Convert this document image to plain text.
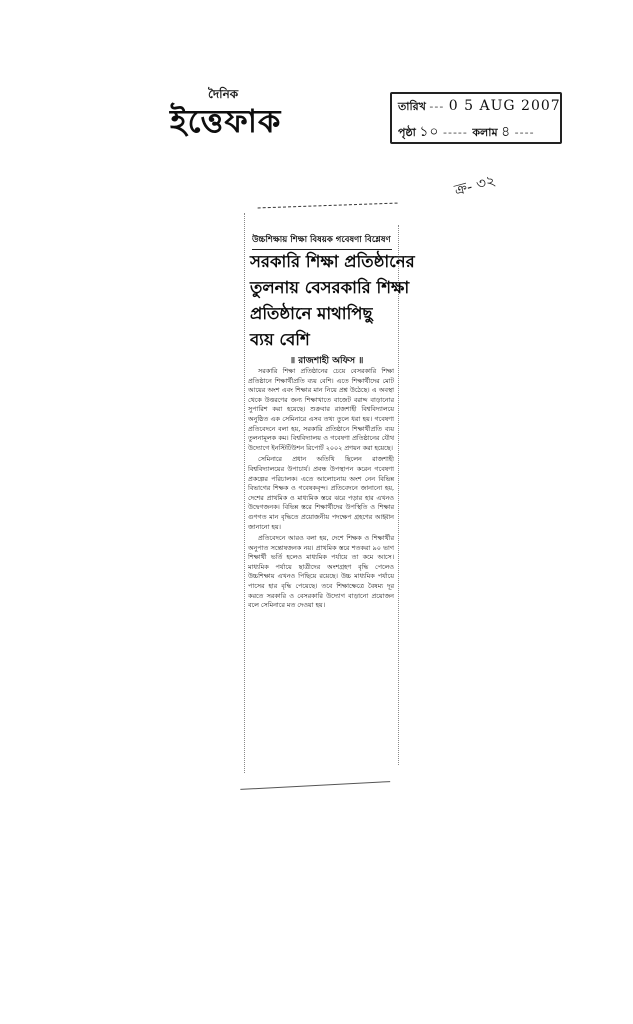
দৈনিক
ইত্তেফাক	তারিখ --- 0 5 AUG 2007
পৃষ্ঠা ১০ ----- কলাম ৪ ----
ক্র- ৩২
উচ্চশিক্ষায় শিক্ষা বিষয়ক গবেষণা বিশ্লেষণ
সরকারি শিক্ষা প্রতিষ্ঠানের
তুলনায় বেসরকারি শিক্ষা
প্রতিষ্ঠানে মাথাপিছু
ব্যয় বেশি
॥ রাজশাহী অফিস ॥

সরকারি শিক্ষা প্রতিষ্ঠানের চেয়ে বেসরকারি শিক্ষা প্রতিষ্ঠানে শিক্ষার্থীপ্রতি ব্যয় বেশি। এতে শিক্ষার্থীদের মোট আয়ের অংশ এবং শিক্ষার মান নিয়ে প্রশ্ন উঠেছে। এ অবস্থা থেকে উত্তরণের জন্য শিক্ষাখাতে বাজেট বরাদ্দ বাড়ানোর সুপারিশ করা হয়েছে। শুক্রবার রাজশাহী বিশ্ববিদ্যালয়ে অনুষ্ঠিত এক সেমিনারে এসব তথ্য তুলে ধরা হয়। গবেষণা প্রতিবেদনে বলা হয়, সরকারি প্রতিষ্ঠানে শিক্ষার্থীপ্রতি ব্যয় তুলনামূলক কম। বিশ্ববিদ্যালয় ও গবেষণা প্রতিষ্ঠানের যৌথ উদ্যোগে ইনস্টিটিউশন রিপোর্ট ২০০২ প্রণয়ন করা হয়েছে।

সেমিনারে প্রধান অতিথি ছিলেন রাজশাহী বিশ্ববিদ্যালয়ের উপাচার্য। প্রবন্ধ উপস্থাপন করেন গবেষণা প্রকল্পের পরিচালক। এতে আলোচনায় অংশ নেন বিভিন্ন বিভাগের শিক্ষক ও গবেষকবৃন্দ। প্রতিবেদনে জানানো হয়, দেশের প্রাথমিক ও মাধ্যমিক স্তরে ঝরে পড়ার হার এখনও উদ্বেগজনক। বিভিন্ন স্তরে শিক্ষার্থীদের উপস্থিতি ও শিক্ষার গুণগত মান বৃদ্ধিতে প্রয়োজনীয় পদক্ষেপ গ্রহণের আহ্বান জানানো হয়।

প্রতিবেদনে আরও বলা হয়, দেশে শিক্ষক ও শিক্ষার্থীর অনুপাত সন্তোষজনক নয়। প্রাথমিক স্তরে শতকরা ৯০ ভাগ শিক্ষার্থী ভর্তি হলেও মাধ্যমিক পর্যায়ে তা কমে আসে। মাধ্যমিক পর্যায়ে ছাত্রীদের অংশগ্রহণ বৃদ্ধি পেলেও উচ্চশিক্ষায় এখনও পিছিয়ে রয়েছে। উচ্চ মাধ্যমিক পর্যায়ে পাসের হার বৃদ্ধি পেয়েছে। তবে শিক্ষাক্ষেত্রে বৈষম্য দূর করতে সরকারি ও বেসরকারি উদ্যোগ বাড়ানো প্রয়োজন বলে সেমিনারে মত দেওয়া হয়।
